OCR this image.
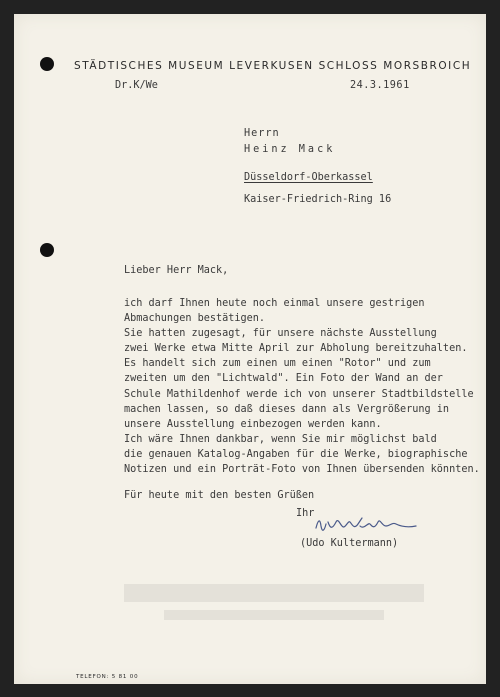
STÄDTISCHES MUSEUM LEVERKUSEN SCHLOSS MORSBROICH
Dr.K/We	24.3.1961
Herrn
Heinz Mack
Düsseldorf-Oberkassel
Kaiser-Friedrich-Ring 16
Lieber Herr Mack,
ich darf Ihnen heute noch einmal unsere gestrigen
Abmachungen bestätigen.
Sie hatten zugesagt, für unsere nächste Ausstellung
zwei Werke etwa Mitte April zur Abholung bereitzuhalten.
Es handelt sich zum einen um einen "Rotor" und zum
zweiten um den "Lichtwald". Ein Foto der Wand an der
Schule Mathildenhof werde ich von unserer Stadtbildstelle
machen lassen, so daß dieses dann als Vergrößerung in
unsere Ausstellung einbezogen werden kann.
Ich wäre Ihnen dankbar, wenn Sie mir möglichst bald
die genauen Katalog-Angaben für die Werke, biographische
Notizen und ein Porträt-Foto von Ihnen übersenden könnten.
Für heute mit den besten Grüßen
Ihr
(Udo Kultermann)
TELEFON: 5 81 00
